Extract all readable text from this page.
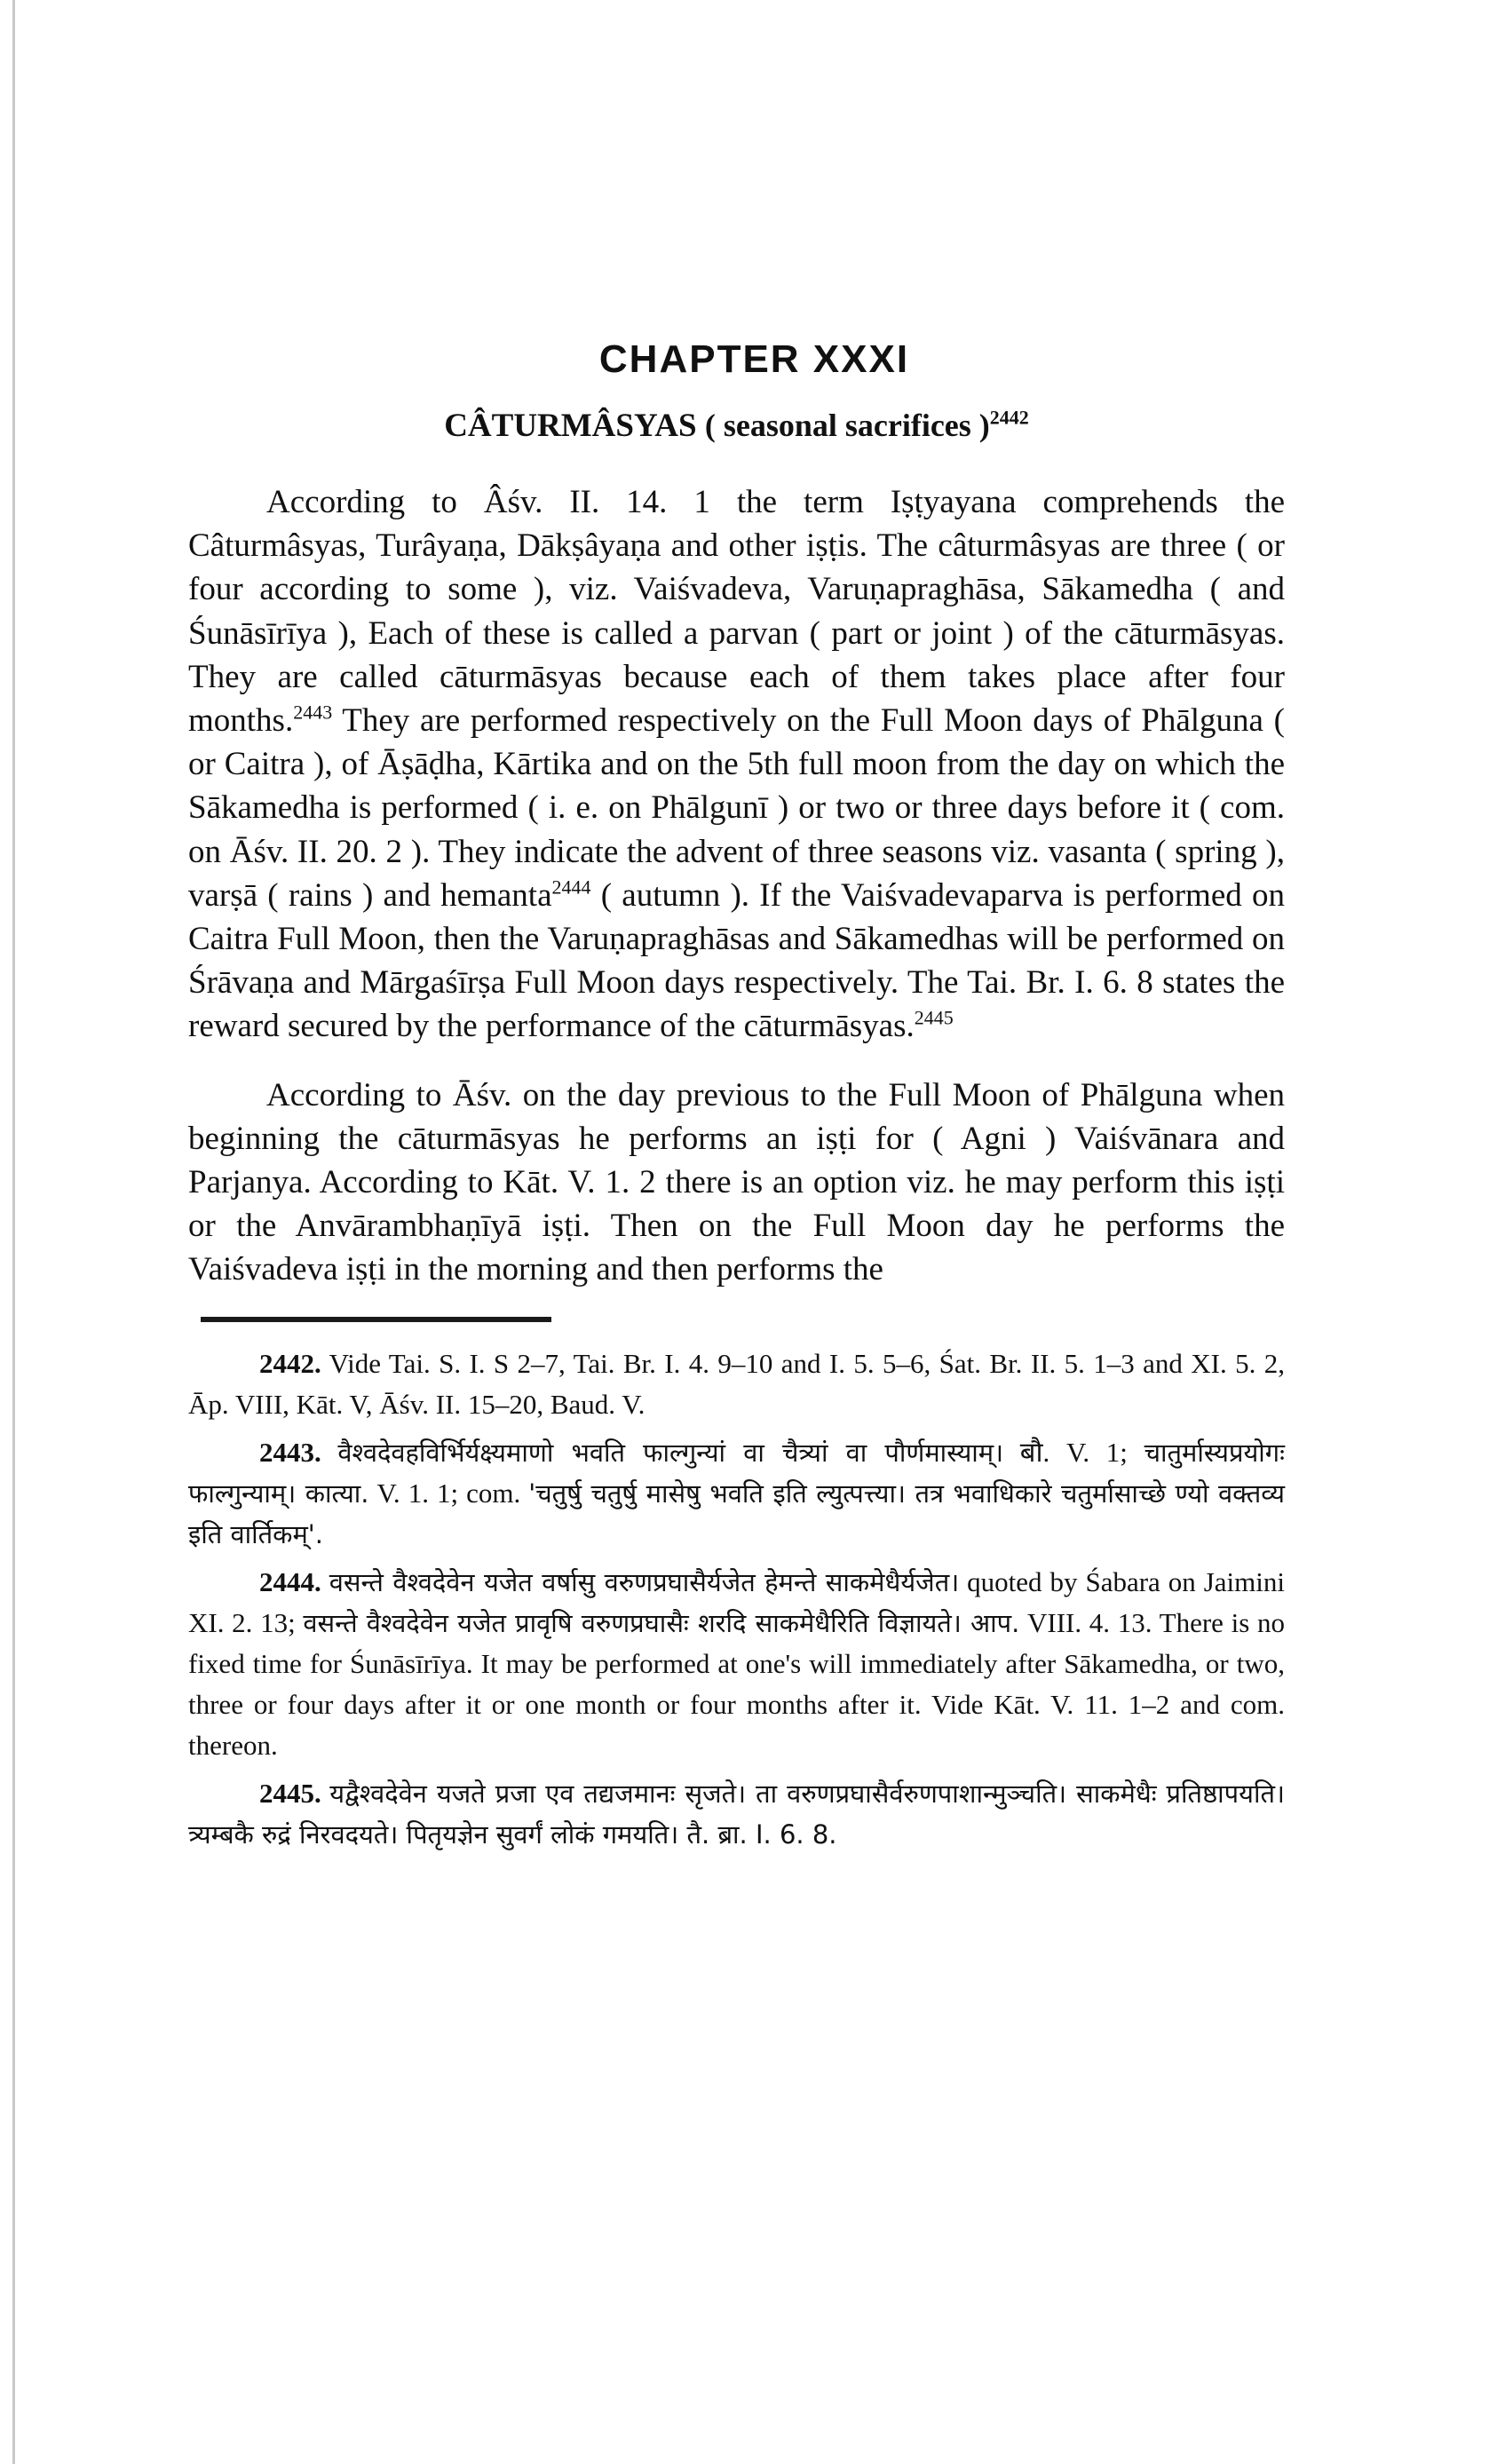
CHAPTER XXXI
CÂTURMÂSYAS ( seasonal sacrifices )$^{2442}$

According to Âśv. II. 14. 1 the term Iṣṭyayana comprehends the Câturmâsyas, Turâyaṇa, Dākṣâyaṇa and other iṣṭis. The câturmâsyas are three ( or four according to some ), viz. Vaiśvadeva, Varuṇapraghāsa, Sākamedha ( and Śunāsīrīya ), Each of these is called a parvan ( part or joint ) of the cāturmāsyas. They are called cāturmāsyas because each of them takes place after four months.$^{2443}$ They are performed respectively on the Full Moon days of Phālguna ( or Caitra ), of Āṣāḍha, Kārtika and on the 5th full moon from the day on which the Sākamedha is performed ( i. e. on Phālgunī ) or two or three days before it ( com. on Āśv. II. 20. 2 ). They indicate the advent of three seasons viz. vasanta ( spring ), varṣā ( rains ) and hemanta$^{2444}$ ( autumn ). If the Vaiśvadevaparva is performed on Caitra Full Moon, then the Varuṇapraghāsas and Sākamedhas will be performed on Śrāvaṇa and Mārgaśīrṣa Full Moon days respectively. The Tai. Br. I. 6. 8 states the reward secured by the performance of the cāturmāsyas.$^{2445}$

According to Āśv. on the day previous to the Full Moon of Phālguna when beginning the cāturmāsyas he performs an iṣṭi for ( Agni ) Vaiśvānara and Parjanya. According to Kāt. V. 1. 2 there is an option viz. he may perform this iṣṭi or the Anvārambhaṇīyā iṣṭi. Then on the Full Moon day he performs the Vaiśvadeva iṣṭi in the morning and then performs the

2442. Vide Tai. S. I. S 2–7, Tai. Br. I. 4. 9–10 and I. 5. 5–6, Śat. Br. II. 5. 1–3 and XI. 5. 2, Āp. VIII, Kāt. V, Āśv. II. 15–20, Baud. V.

2443. वैश्वदेवहविर्भिर्यक्ष्यमाणो भवति फाल्गुन्यां वा चैत्र्यां वा पौर्णमास्याम्। बौ. V. 1; चातुर्मास्यप्रयोगः फाल्गुन्याम्। कात्या. V. 1. 1; com. 'चतुर्षु चतुर्षु मासेषु भवति इति ल्युत्पत्त्या। तत्र भवाधिकारे चतुर्मासाच्छे ण्यो वक्तव्य इति वार्तिकम्'.

2444. वसन्ते वैश्वदेवेन यजेत वर्षासु वरुणप्रघासैर्यजेत हेमन्ते साकमेधैर्यजेत। quoted by Śabara on Jaimini XI. 2. 13; वसन्ते वैश्वदेवेन यजेत प्रावृषि वरुणप्रघासैः शरदि साकमेधैरिति विज्ञायते। आप. VIII. 4. 13. There is no fixed time for Śunāsīrīya. It may be performed at one's will immediately after Sākamedha, or two, three or four days after it or one month or four months after it. Vide Kāt. V. 11. 1–2 and com. thereon.

2445. यद्वैश्वदेवेन यजते प्रजा एव तद्यजमानः सृजते। ता वरुणप्रघासैर्वरुणपाशान्मुञ्चति। साकमेधैः प्रतिष्ठापयति। त्र्यम्बकै रुद्रं निरवदयते। पितृयज्ञेन सुवर्गं लोकं गमयति। तै. ब्रा. I. 6. 8.
